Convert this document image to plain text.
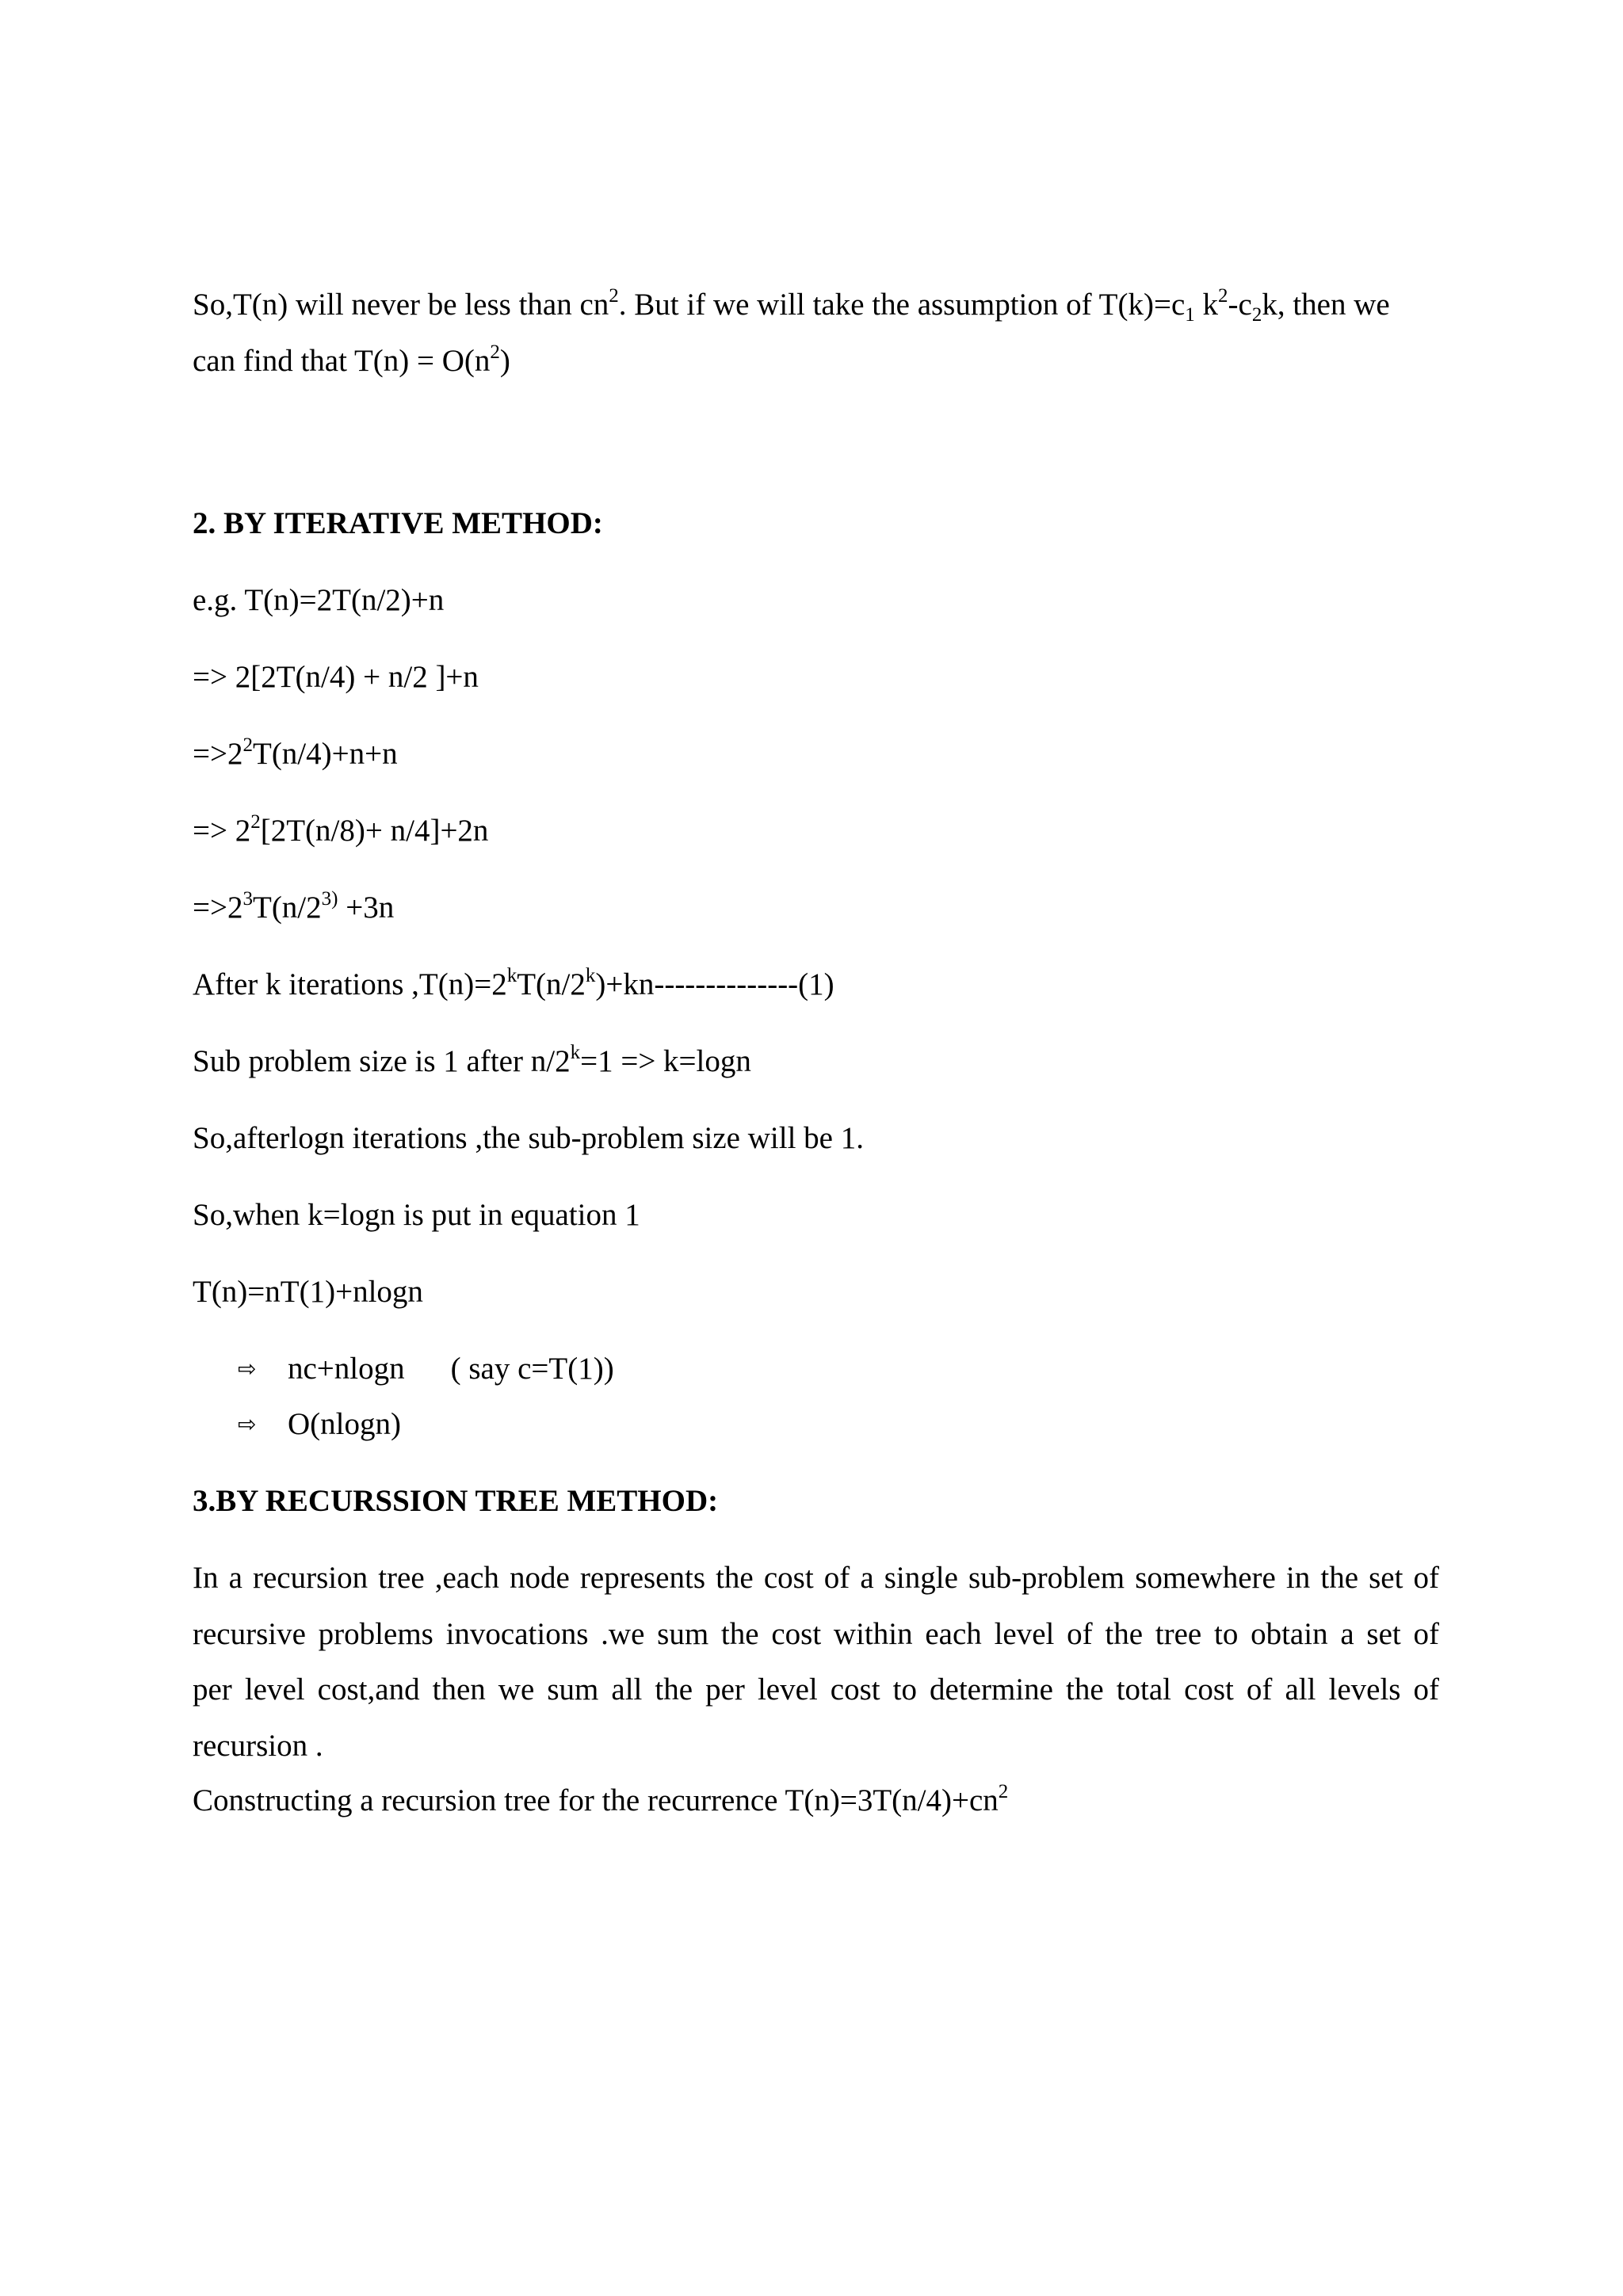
So,T(n) will never be less than $cn^2$. But if we will take the assumption of $T(k)=c_1$ $k^2-c_2k$, then we
can find that $T(n) = O(n^2)$
2. BY ITERATIVE METHOD:
e.g. T(n)=2T(n/2)+n
=> 2[2T(n/4) + n/2 ]+n
$=>2^2T(n/4)+n+n$
=> $2^2[2T(n/8)+ n/4]+2n$
$=>2^3T(n/2^{3)} +3n$
After k iterations $,T(n)=2^kT(n/2^k)+kn--------------(1)$
Sub problem size is 1 after $n/2^k=1 => k=\log n$
So,afterlogn iterations ,the sub-problem size will be 1.
So,when k=logn is put in equation 1
T(n)=nT(1)+nlogn
⇨ nc+nlogn ( say c=T(1))
⇨ O(nlogn)
3.BY RECURSSION TREE METHOD:
In a recursion tree ,each node represents the cost of a single sub-problem somewhere in the set of
recursive problems invocations .we sum the cost within each level of the tree to obtain a set of
per level cost,and then we sum all the per level cost to determine the total cost of all levels of
recursion .
Constructing a recursion tree for the recurrence $T(n)=3T(n/4)+cn^2$
